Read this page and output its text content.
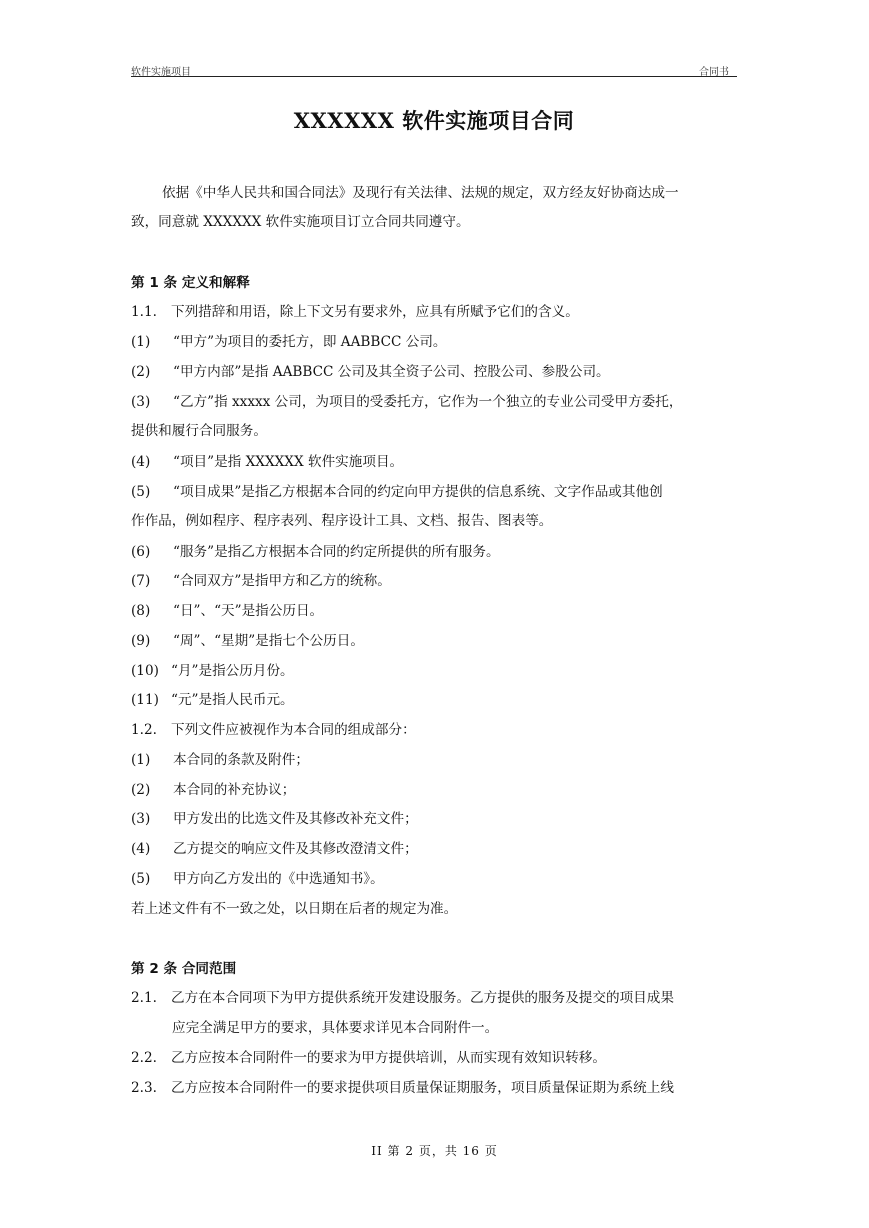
软件实施项目	合同书
XXXXXX 软件实施项目合同
依据《中华人民共和国合同法》及现行有关法律、法规的规定，双方经友好协商达成一
致，同意就 XXXXXX 软件实施项目订立合同共同遵守。
第 1 条 定义和解释
1.1. 下列措辞和用语，除上下文另有要求外，应具有所赋予它们的含义。
(1) “甲方”为项目的委托方，即 AABBCC 公司。
(2) “甲方内部”是指 AABBCC 公司及其全资子公司、控股公司、参股公司。
(3) “乙方”指 xxxxx 公司，为项目的受委托方，它作为一个独立的专业公司受甲方委托，
提供和履行合同服务。
(4) “项目”是指 XXXXXX 软件实施项目。
(5) “项目成果”是指乙方根据本合同的约定向甲方提供的信息系统、文字作品或其他创
作作品，例如程序、程序表列、程序设计工具、文档、报告、图表等。
(6) “服务”是指乙方根据本合同的约定所提供的所有服务。
(7) “合同双方”是指甲方和乙方的统称。
(8) “日”、“天”是指公历日。
(9) “周”、“星期”是指七个公历日。
(10) “月”是指公历月份。
(11) “元”是指人民币元。
1.2. 下列文件应被视作为本合同的组成部分：
(1) 本合同的条款及附件；
(2) 本合同的补充协议；
(3) 甲方发出的比选文件及其修改补充文件；
(4) 乙方提交的响应文件及其修改澄清文件；
(5) 甲方向乙方发出的《中选通知书》。
若上述文件有不一致之处，以日期在后者的规定为准。
第 2 条 合同范围
2.1. 乙方在本合同项下为甲方提供系统开发建设服务。乙方提供的服务及提交的项目成果
应完全满足甲方的要求，具体要求详见本合同附件一。
2.2. 乙方应按本合同附件一的要求为甲方提供培训，从而实现有效知识转移。
2.3. 乙方应按本合同附件一的要求提供项目质量保证期服务，项目质量保证期为系统上线
II 第 2 页，共 16 页
